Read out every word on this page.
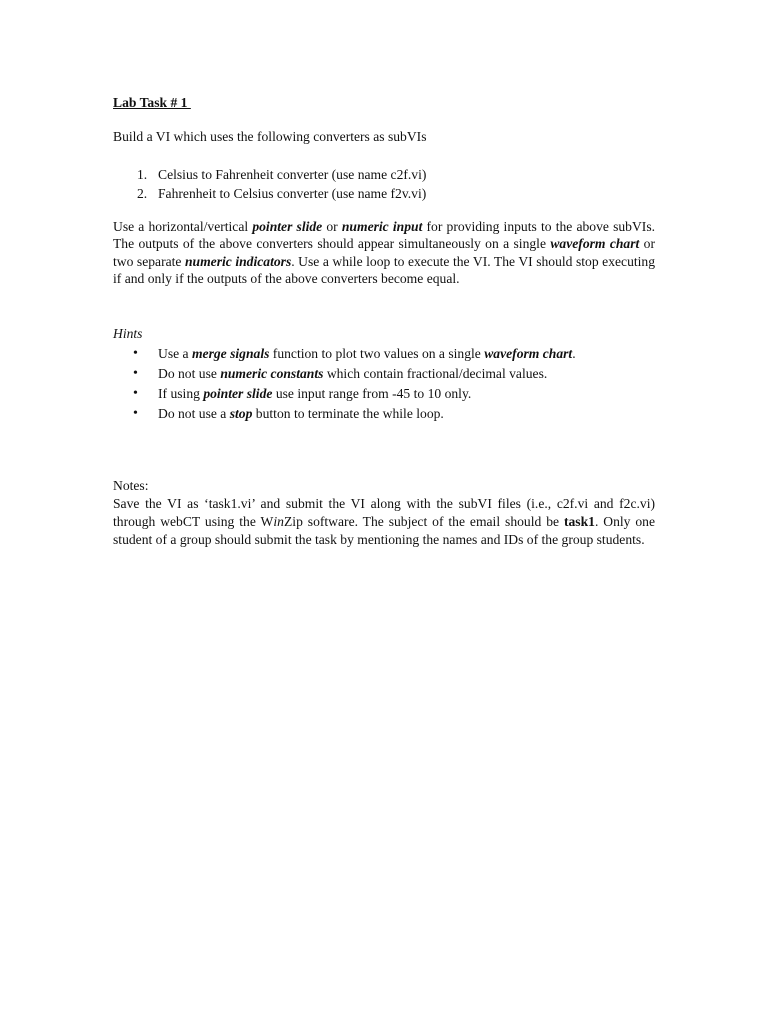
Lab Task # 1
Build a VI which uses the following converters as subVIs
1. Celsius to Fahrenheit converter (use name c2f.vi)
2. Fahrenheit to Celsius converter (use name f2v.vi)

Use a horizontal/vertical pointer slide or numeric input for providing inputs to the above subVIs. The outputs of the above converters should appear simultaneously on a single waveform chart or two separate numeric indicators. Use a while loop to execute the VI. The VI should stop executing if and only if the outputs of the above converters become equal.

Hints
•	Use a merge signals function to plot two values on a single waveform chart.
•	Do not use numeric constants which contain fractional/decimal values.
•	If using pointer slide use input range from -45 to 10 only.
•	Do not use a stop button to terminate the while loop.
Notes:

Save the VI as ‘task1.vi’ and submit the VI along with the subVI files (i.e., c2f.vi and f2c.vi) through webCT using the WinZip software. The subject of the email should be task1. Only one student of a group should submit the task by mentioning the names and IDs of the group students.
